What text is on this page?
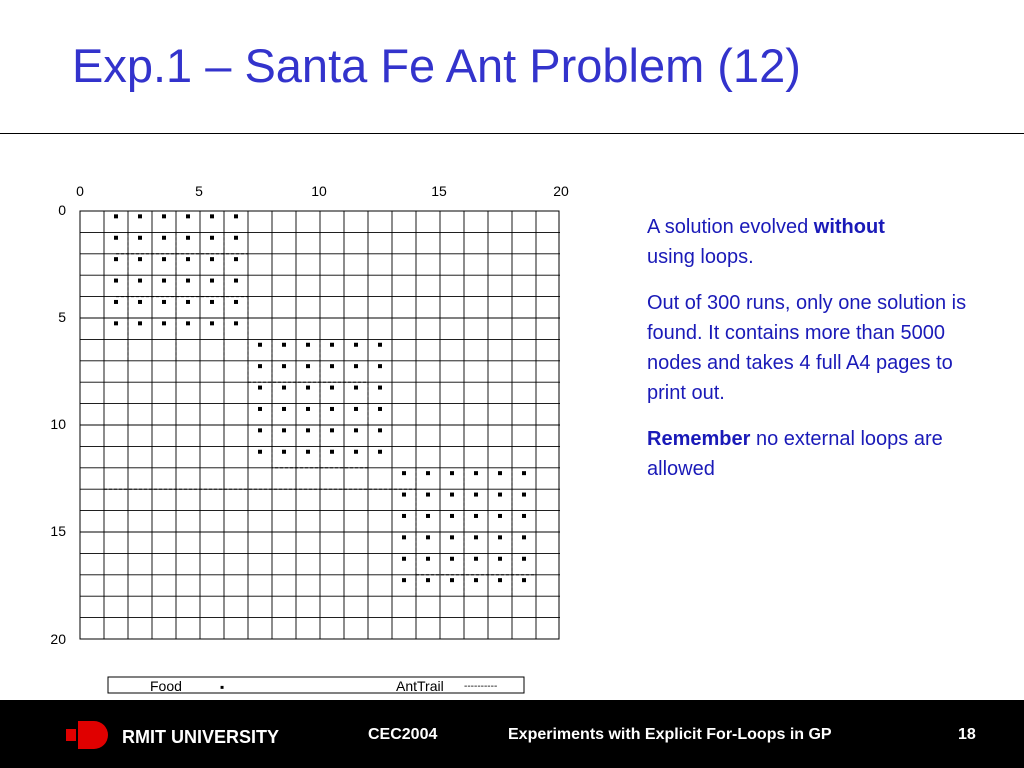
Exp.1 – Santa Fe Ant Problem (12)
0	5	10	15	20
0
5
10
15
20
Food	▪	AntTrail ----------

A solution evolved without
using loops.

Out of 300 runs, only one solution is found. It contains more than 5000 nodes and takes 4 full A4 pages to print out.

Remember no external loops are allowed

RMIT UNIVERSITY	CEC2004	Experiments with Explicit For-Loops in GP	18
